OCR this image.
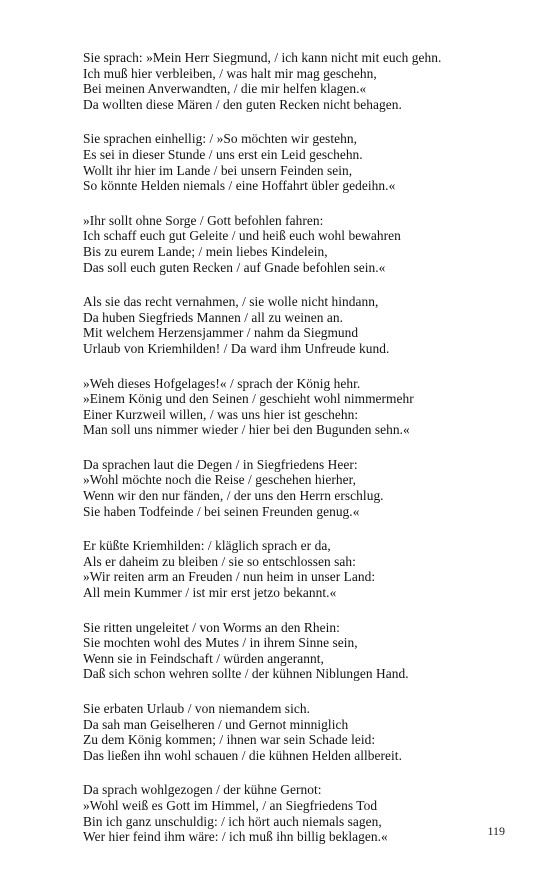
Sie sprach: »Mein Herr Siegmund, / ich kann nicht mit euch gehn.
Ich muß hier verbleiben, / was halt mir mag geschehn,
Bei meinen Anverwandten, / die mir helfen klagen.«
Da wollten diese Mären / den guten Recken nicht behagen.
Sie sprachen einhellig: / »So möchten wir gestehn,
Es sei in dieser Stunde / uns erst ein Leid geschehn.
Wollt ihr hier im Lande / bei unsern Feinden sein,
So könnte Helden niemals / eine Hoffahrt übler gedeihn.«
»Ihr sollt ohne Sorge / Gott befohlen fahren:
Ich schaff euch gut Geleite / und heiß euch wohl bewahren
Bis zu eurem Lande; / mein liebes Kindelein,
Das soll euch guten Recken / auf Gnade befohlen sein.«
Als sie das recht vernahmen, / sie wolle nicht hindann,
Da huben Siegfrieds Mannen / all zu weinen an.
Mit welchem Herzensjammer / nahm da Siegmund
Urlaub von Kriemhilden! / Da ward ihm Unfreude kund.
»Weh dieses Hofgelages!« / sprach der König hehr.
»Einem König und den Seinen / geschieht wohl nimmermehr
Einer Kurzweil willen, / was uns hier ist geschehn:
Man soll uns nimmer wieder / hier bei den Bugunden sehn.«
Da sprachen laut die Degen / in Siegfriedens Heer:
»Wohl möchte noch die Reise / geschehen hierher,
Wenn wir den nur fänden, / der uns den Herrn erschlug.
Sie haben Todfeinde / bei seinen Freunden genug.«
Er küßte Kriemhilden: / kläglich sprach er da,
Als er daheim zu bleiben / sie so entschlossen sah:
»Wir reiten arm an Freuden / nun heim in unser Land:
All mein Kummer / ist mir erst jetzo bekannt.«
Sie ritten ungeleitet / von Worms an den Rhein:
Sie mochten wohl des Mutes / in ihrem Sinne sein,
Wenn sie in Feindschaft / würden angerannt,
Daß sich schon wehren sollte / der kühnen Niblungen Hand.
Sie erbaten Urlaub / von niemandem sich.
Da sah man Geiselheren / und Gernot minniglich
Zu dem König kommen; / ihnen war sein Schade leid:
Das ließen ihn wohl schauen / die kühnen Helden allbereit.
Da sprach wohlgezogen / der kühne Gernot:
»Wohl weiß es Gott im Himmel, / an Siegfriedens Tod
Bin ich ganz unschuldig: / ich hört auch niemals sagen,
Wer hier feind ihm wäre: / ich muß ihn billig beklagen.«	119
